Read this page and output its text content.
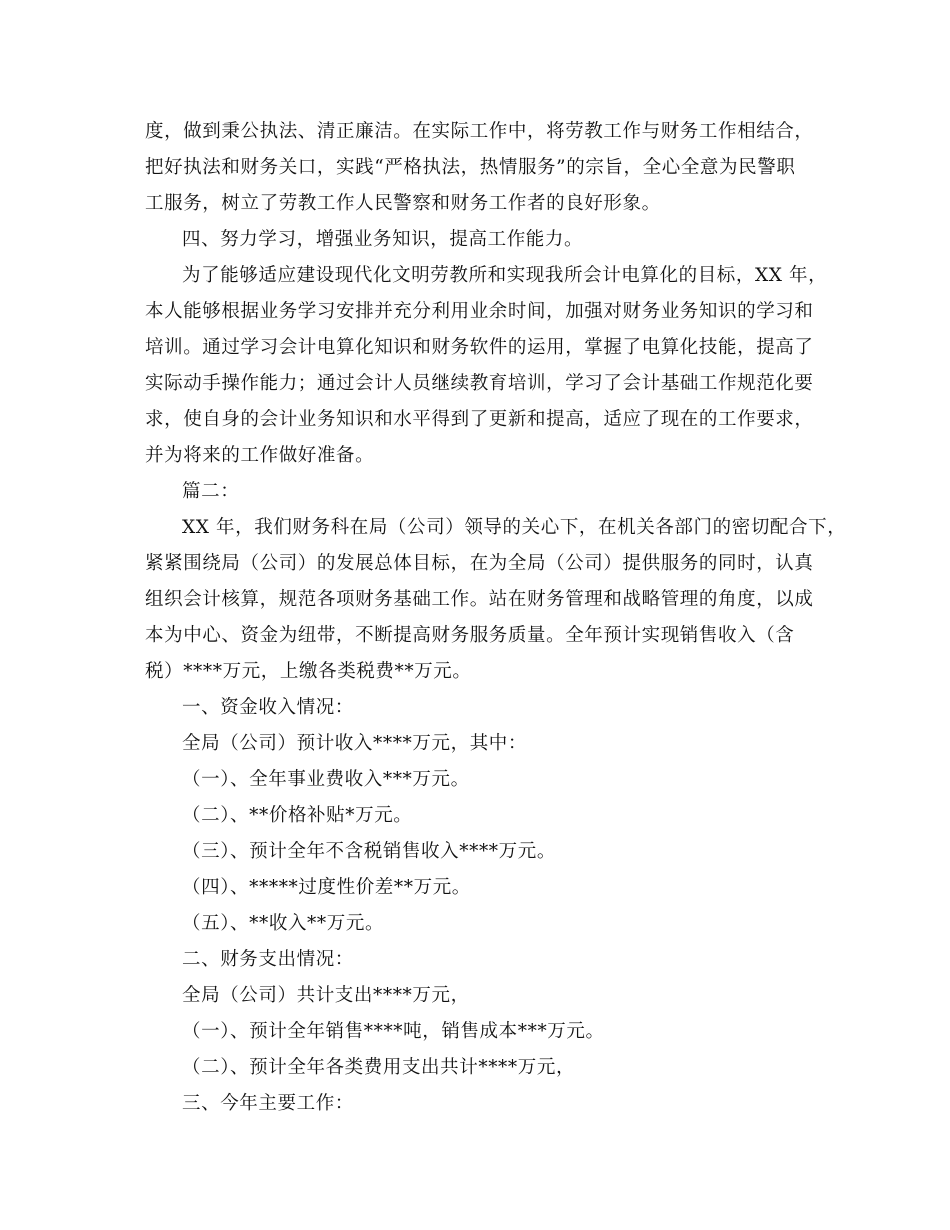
度，做到秉公执法、清正廉洁。在实际工作中，将劳教工作与财务工作相结合，
把好执法和财务关口，实践“严格执法，热情服务”的宗旨，全心全意为民警职
工服务，树立了劳教工作人民警察和财务工作者的良好形象。
四、努力学习，增强业务知识，提高工作能力。
为了能够适应建设现代化文明劳教所和实现我所会计电算化的目标，XX 年，
本人能够根据业务学习安排并充分利用业余时间，加强对财务业务知识的学习和
培训。通过学习会计电算化知识和财务软件的运用，掌握了电算化技能，提高了
实际动手操作能力；通过会计人员继续教育培训，学习了会计基础工作规范化要
求，使自身的会计业务知识和水平得到了更新和提高，适应了现在的工作要求，
并为将来的工作做好准备。
篇二：
XX 年，我们财务科在局（公司）领导的关心下，在机关各部门的密切配合下，
紧紧围绕局（公司）的发展总体目标，在为全局（公司）提供服务的同时，认真
组织会计核算，规范各项财务基础工作。站在财务管理和战略管理的角度，以成
本为中心、资金为纽带，不断提高财务服务质量。全年预计实现销售收入（含
税）****万元，上缴各类税费**万元。
一、资金收入情况：
全局（公司）预计收入****万元，其中：
（一）、全年事业费收入***万元。
（二）、**价格补贴*万元。
（三）、预计全年不含税销售收入****万元。
（四）、*****过度性价差**万元。
（五）、**收入**万元。
二、财务支出情况：
全局（公司）共计支出****万元，
（一）、预计全年销售****吨，销售成本***万元。
（二）、预计全年各类费用支出共计****万元，
三、今年主要工作：
